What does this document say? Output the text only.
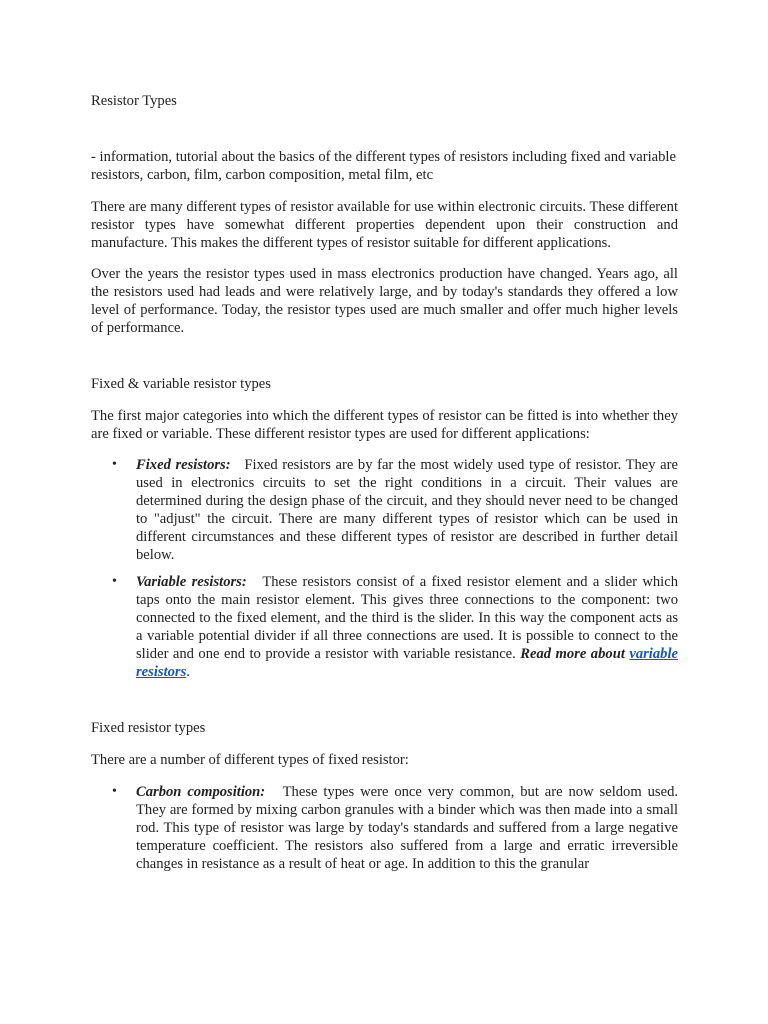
Resistor Types

- information, tutorial about the basics of the different types of resistors including fixed and variable resistors, carbon, film, carbon composition, metal film, etc

There are many different types of resistor available for use within electronic circuits. These different resistor types have somewhat different properties dependent upon their construction and manufacture. This makes the different types of resistor suitable for different applications.

Over the years the resistor types used in mass electronics production have changed. Years ago, all the resistors used had leads and were relatively large, and by today's standards they offered a low level of performance. Today, the resistor types used are much smaller and offer much higher levels of performance.

Fixed & variable resistor types

The first major categories into which the different types of resistor can be fitted is into whether they are fixed or variable. These different resistor types are used for different applications:

• Fixed resistors: Fixed resistors are by far the most widely used type of resistor. They are used in electronics circuits to set the right conditions in a circuit. Their values are determined during the design phase of the circuit, and they should never need to be changed to "adjust" the circuit. There are many different types of resistor which can be used in different circumstances and these different types of resistor are described in further detail below.
• Variable resistors: These resistors consist of a fixed resistor element and a slider which taps onto the main resistor element. This gives three connections to the component: two connected to the fixed element, and the third is the slider. In this way the component acts as a variable potential divider if all three connections are used. It is possible to connect to the slider and one end to provide a resistor with variable resistance. Read more about variable resistors.

Fixed resistor types

There are a number of different types of fixed resistor:

• Carbon composition: These types were once very common, but are now seldom used. They are formed by mixing carbon granules with a binder which was then made into a small rod. This type of resistor was large by today's standards and suffered from a large negative temperature coefficient. The resistors also suffered from a large and erratic irreversible changes in resistance as a result of heat or age. In addition to this the granular
